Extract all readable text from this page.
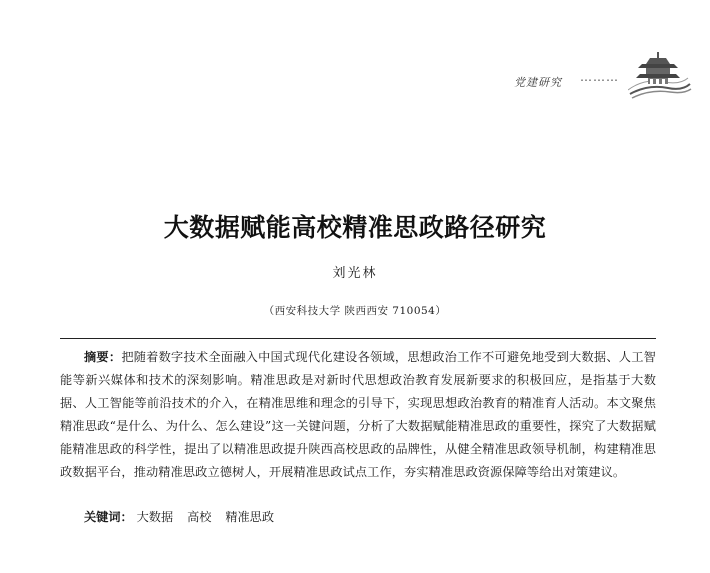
党建研究 ………
大数据赋能高校精准思政路径研究
刘光林
（西安科技大学 陕西西安 710054）
摘要：把随着数字技术全面融入中国式现代化建设各领域，思想政治工作不可避免地受到大数据、人工智能等新兴媒体和技术的深刻影响。精准思政是对新时代思想政治教育发展新要求的积极回应，是指基于大数据、人工智能等前沿技术的介入，在精准思维和理念的引导下，实现思想政治教育的精准育人活动。本文聚焦精准思政“是什么、为什么、怎么建设”这一关键问题，分析了大数据赋能精准思政的重要性，探究了大数据赋能精准思政的科学性，提出了以精准思政提升陕西高校思政的品牌性，从健全精准思政领导机制，构建精准思政数据平台，推动精准思政立德树人，开展精准思政试点工作，夯实精准思政资源保障等给出对策建议。
关键词： 大数据 高校 精准思政
